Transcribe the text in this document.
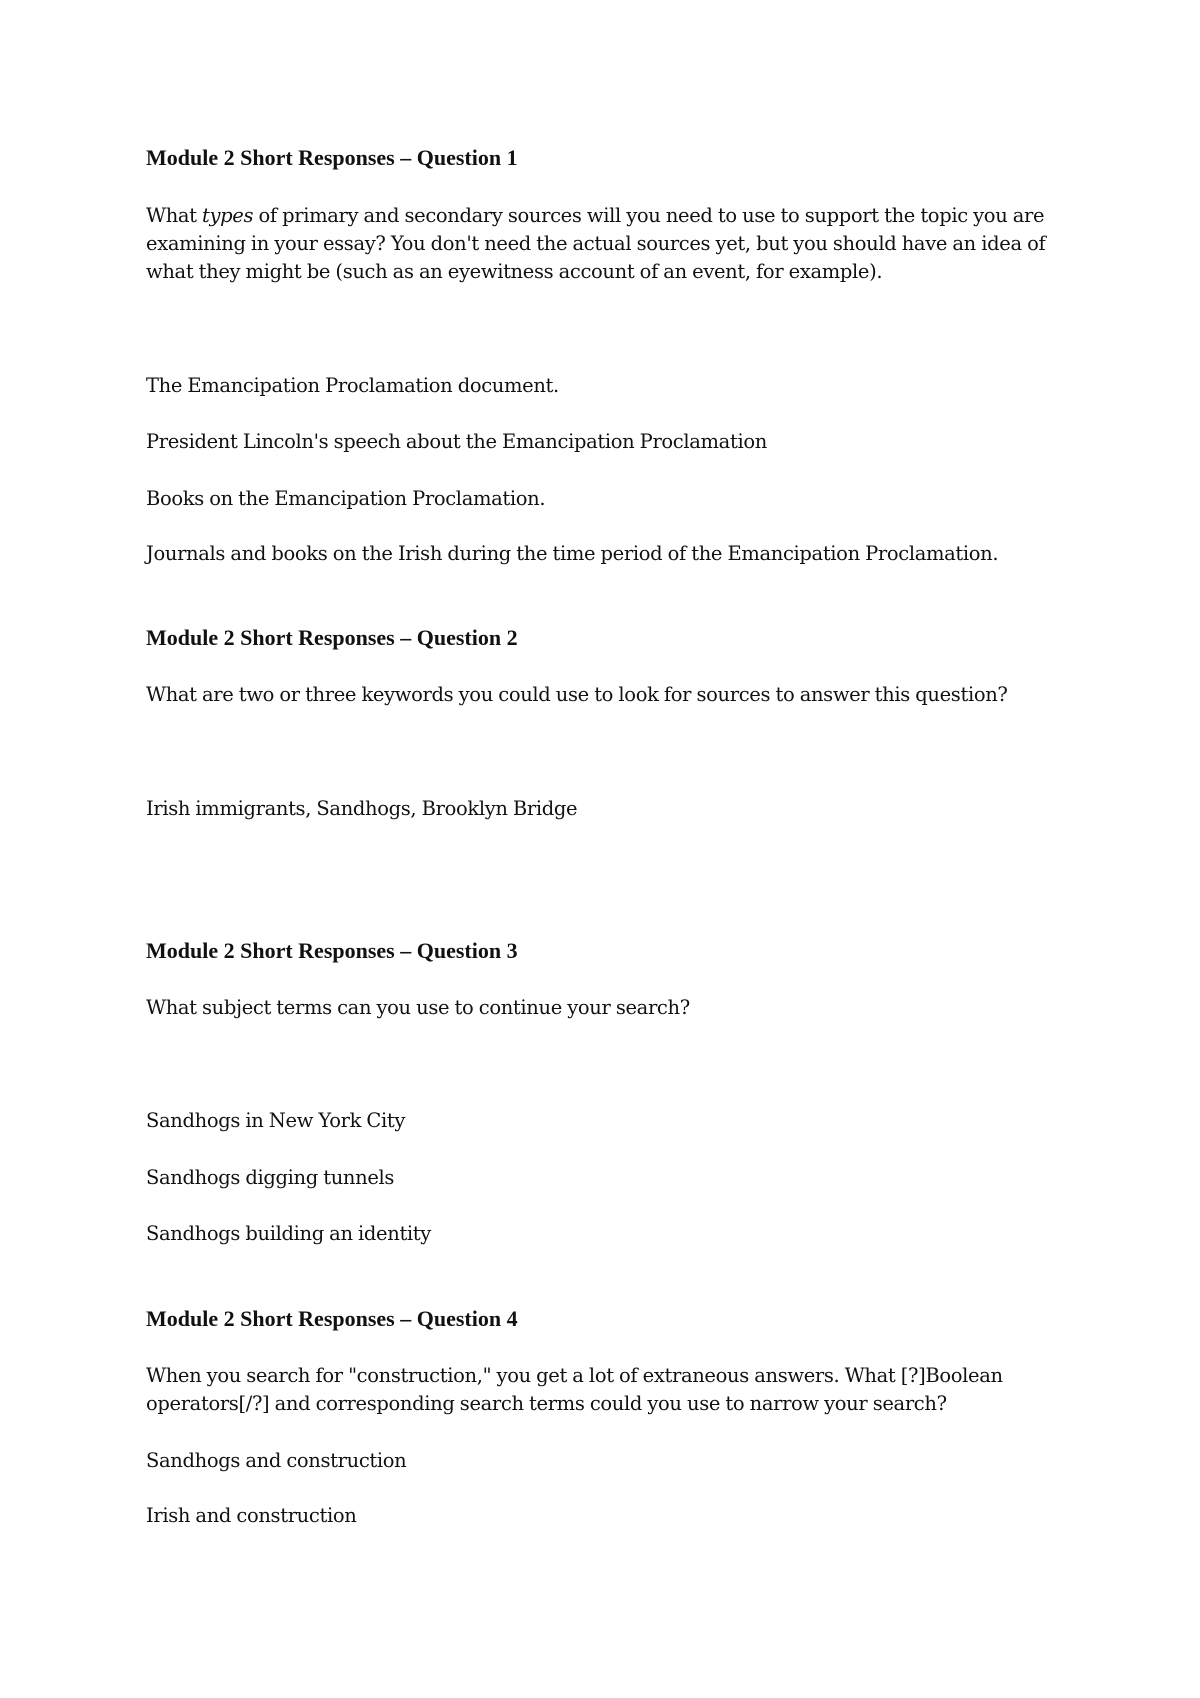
Module 2 Short Responses – Question 1

What types of primary and secondary sources will you need to use to support the topic you are examining in your essay? You don't need the actual sources yet, but you should have an idea of what they might be (such as an eyewitness account of an event, for example).

The Emancipation Proclamation document.

President Lincoln's speech about the Emancipation Proclamation

Books on the Emancipation Proclamation.

Journals and books on the Irish during the time period of the Emancipation Proclamation.

Module 2 Short Responses – Question 2

What are two or three keywords you could use to look for sources to answer this question?

Irish immigrants, Sandhogs, Brooklyn Bridge

Module 2 Short Responses – Question 3

What subject terms can you use to continue your search?

Sandhogs in New York City

Sandhogs digging tunnels

Sandhogs building an identity

Module 2 Short Responses – Question 4

When you search for "construction," you get a lot of extraneous answers. What [?]Boolean operators[/?] and corresponding search terms could you use to narrow your search?

Sandhogs and construction

Irish and construction
